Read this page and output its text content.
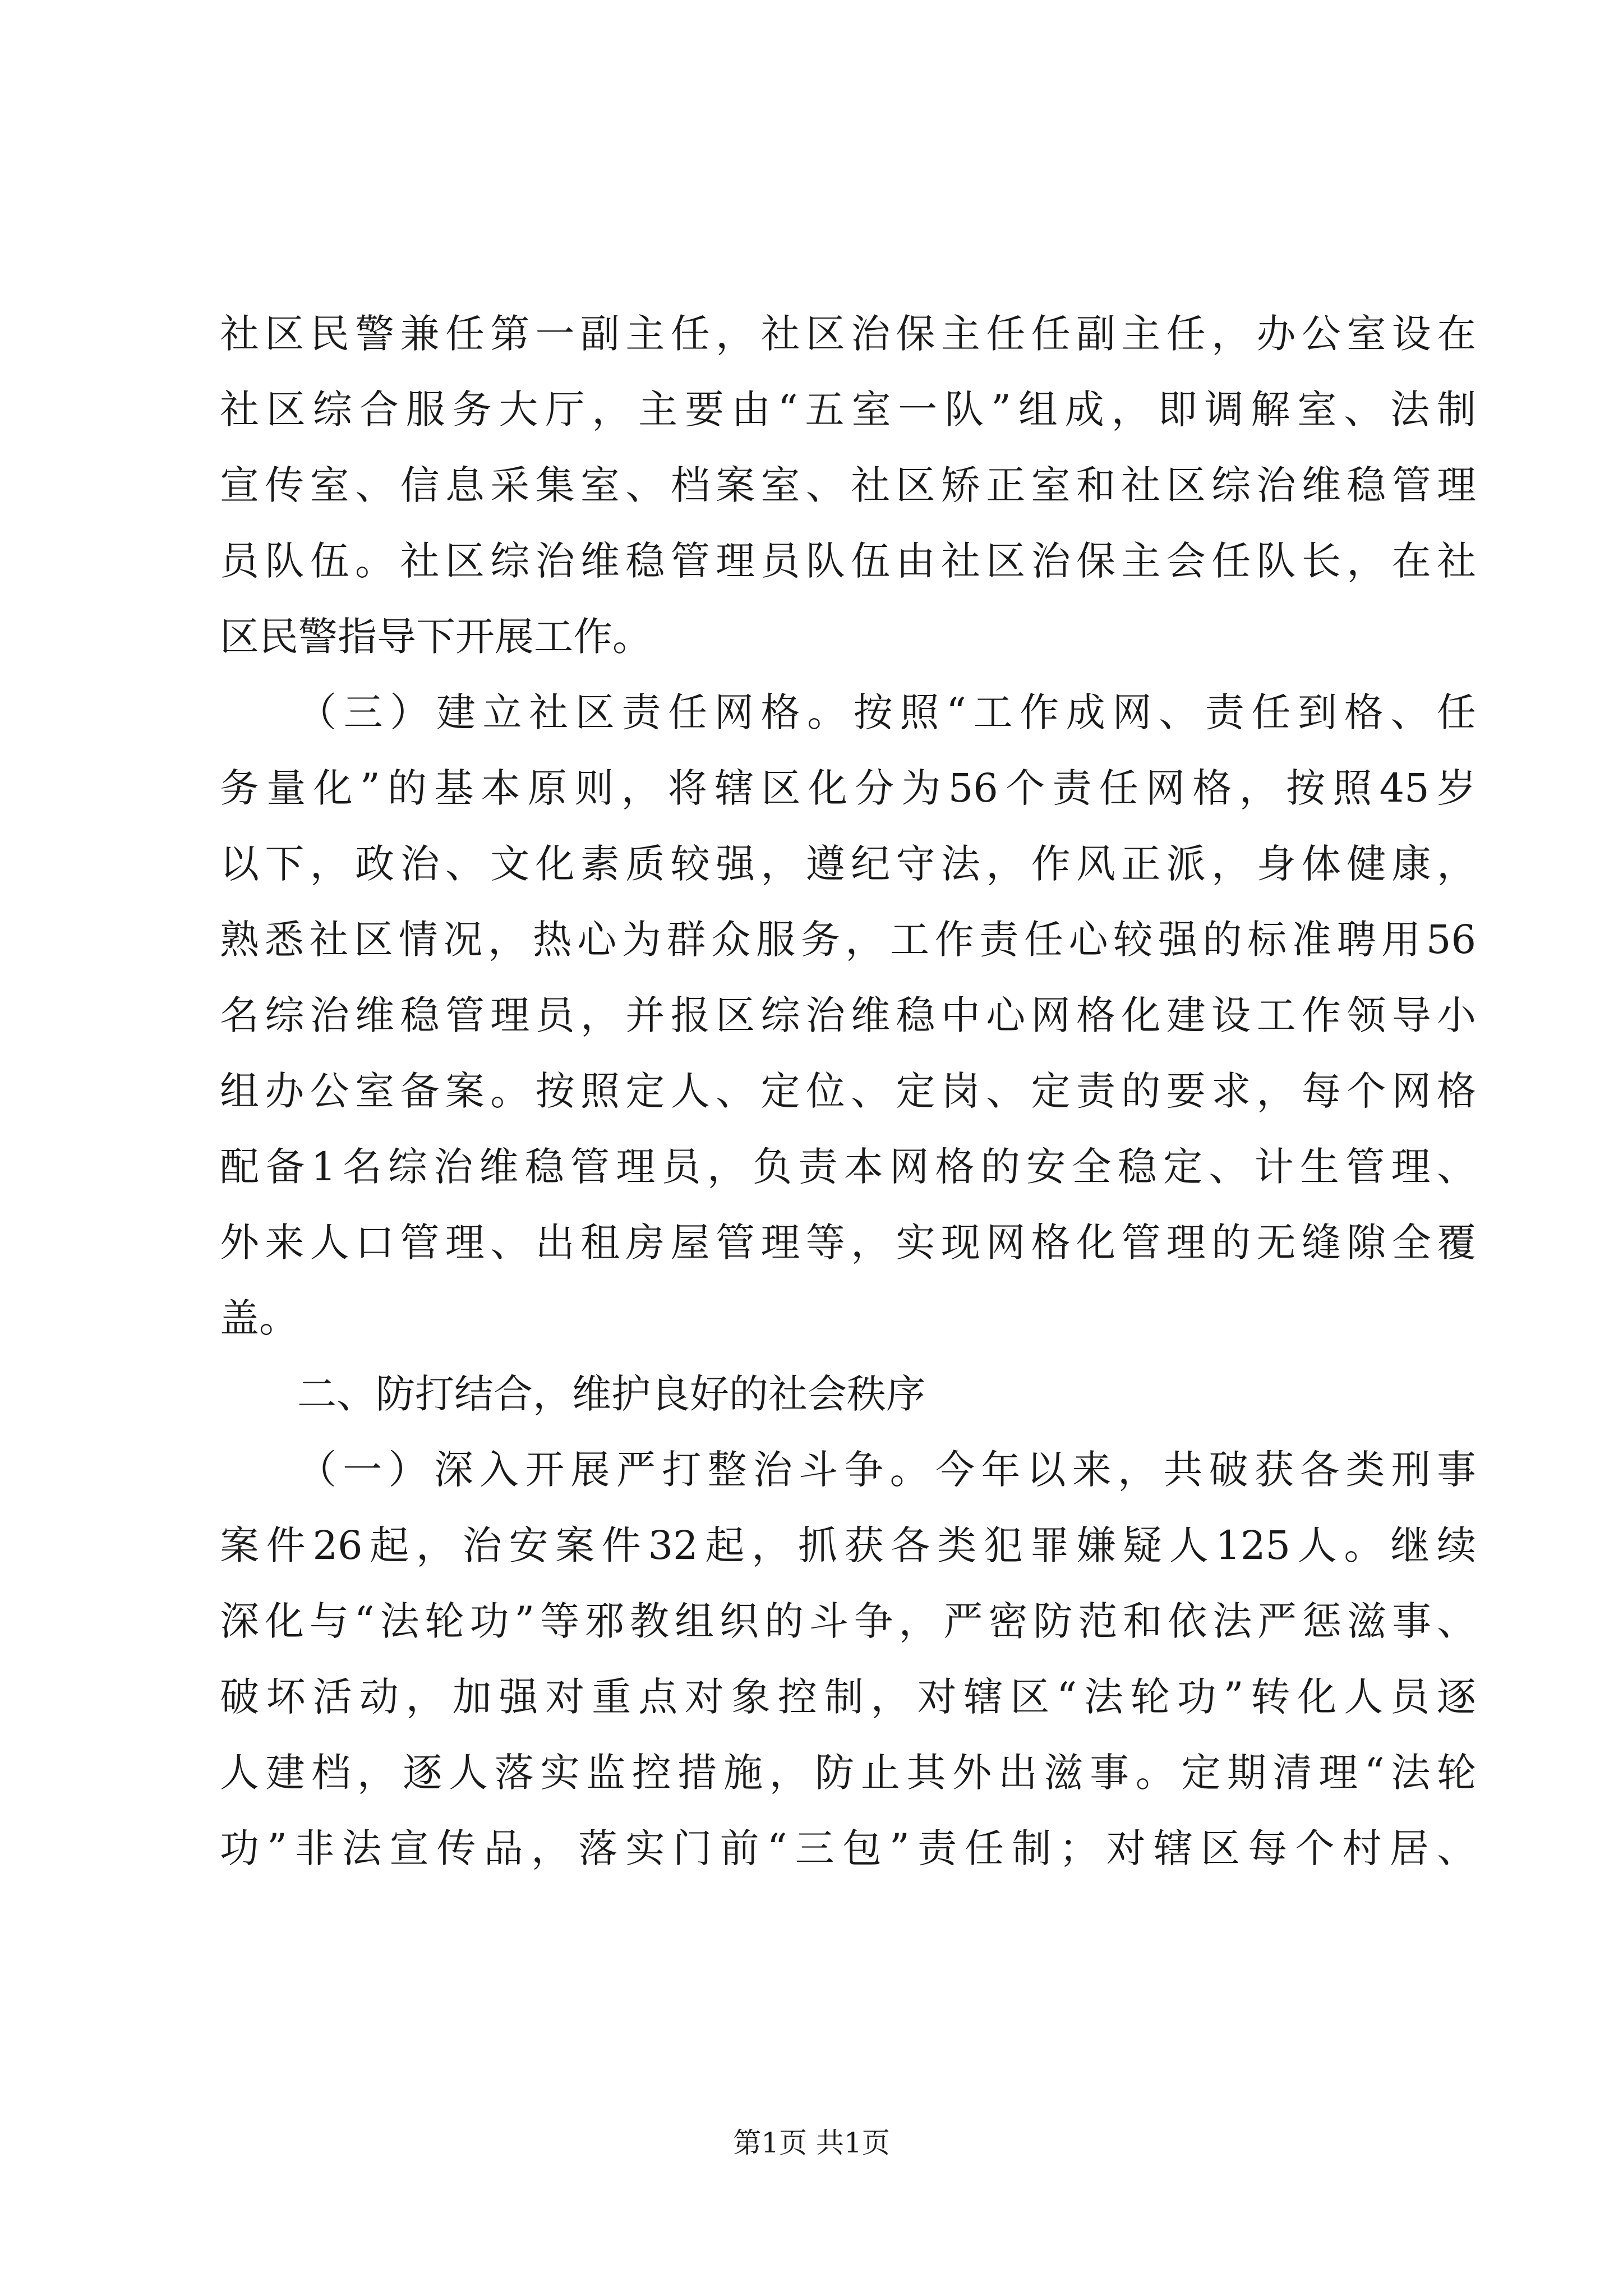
社区民警兼任第一副主任，社区治保主任任副主任，办公室设在
社区综合服务大厅，主要由“五室一队”组成，即调解室、法制
宣传室、信息采集室、档案室、社区矫正室和社区综治维稳管理
员队伍。社区综治维稳管理员队伍由社区治保主会任队长，在社
区民警指导下开展工作。
（三）建立社区责任网格。按照“工作成网、责任到格、任
务量化”的基本原则，将辖区化分为56个责任网格，按照45岁
以下，政治、文化素质较强，遵纪守法，作风正派，身体健康，
熟悉社区情况，热心为群众服务，工作责任心较强的标准聘用56
名综治维稳管理员，并报区综治维稳中心网格化建设工作领导小
组办公室备案。按照定人、定位、定岗、定责的要求，每个网格
配备1名综治维稳管理员，负责本网格的安全稳定、计生管理、
外来人口管理、出租房屋管理等，实现网格化管理的无缝隙全覆
盖。
二、防打结合，维护良好的社会秩序
（一）深入开展严打整治斗争。今年以来，共破获各类刑事
案件26起，治安案件32起，抓获各类犯罪嫌疑人125人。继续
深化与“法轮功”等邪教组织的斗争，严密防范和依法严惩滋事、
破坏活动，加强对重点对象控制，对辖区“法轮功”转化人员逐
人建档，逐人落实监控措施，防止其外出滋事。定期清理“法轮
功”非法宣传品，落实门前“三包”责任制；对辖区每个村居、
第1页 共1页
